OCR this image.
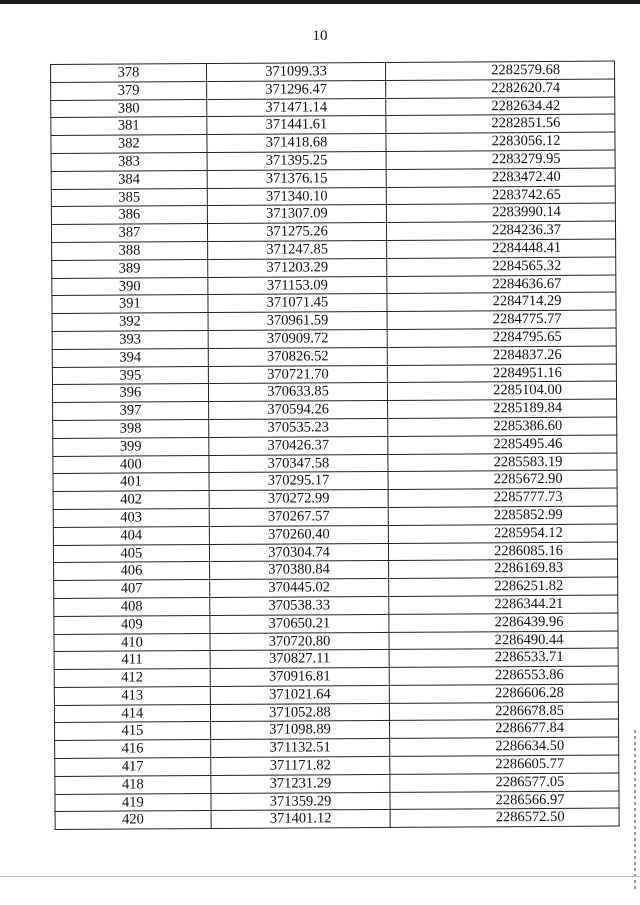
10
378	371099.33	2282579.68
379	371296.47	2282620.74
380	371471.14	2282634.42
381	371441.61	2282851.56
382	371418.68	2283056.12
383	371395.25	2283279.95
384	371376.15	2283472.40
385	371340.10	2283742.65
386	371307.09	2283990.14
387	371275.26	2284236.37
388	371247.85	2284448.41
389	371203.29	2284565.32
390	371153.09	2284636.67
391	371071.45	2284714.29
392	370961.59	2284775.77
393	370909.72	2284795.65
394	370826.52	2284837.26
395	370721.70	2284951.16
396	370633.85	2285104.00
397	370594.26	2285189.84
398	370535.23	2285386.60
399	370426.37	2285495.46
400	370347.58	2285583.19
401	370295.17	2285672.90
402	370272.99	2285777.73
403	370267.57	2285852.99
404	370260.40	2285954.12
405	370304.74	2286085.16
406	370380.84	2286169.83
407	370445.02	2286251.82
408	370538.33	2286344.21
409	370650.21	2286439.96
410	370720.80	2286490.44
411	370827.11	2286533.71
412	370916.81	2286553.86
413	371021.64	2286606.28
414	371052.88	2286678.85
415	371098.89	2286677.84
416	371132.51	2286634.50
417	371171.82	2286605.77
418	371231.29	2286577.05
419	371359.29	2286566.97
420	371401.12	2286572.50
